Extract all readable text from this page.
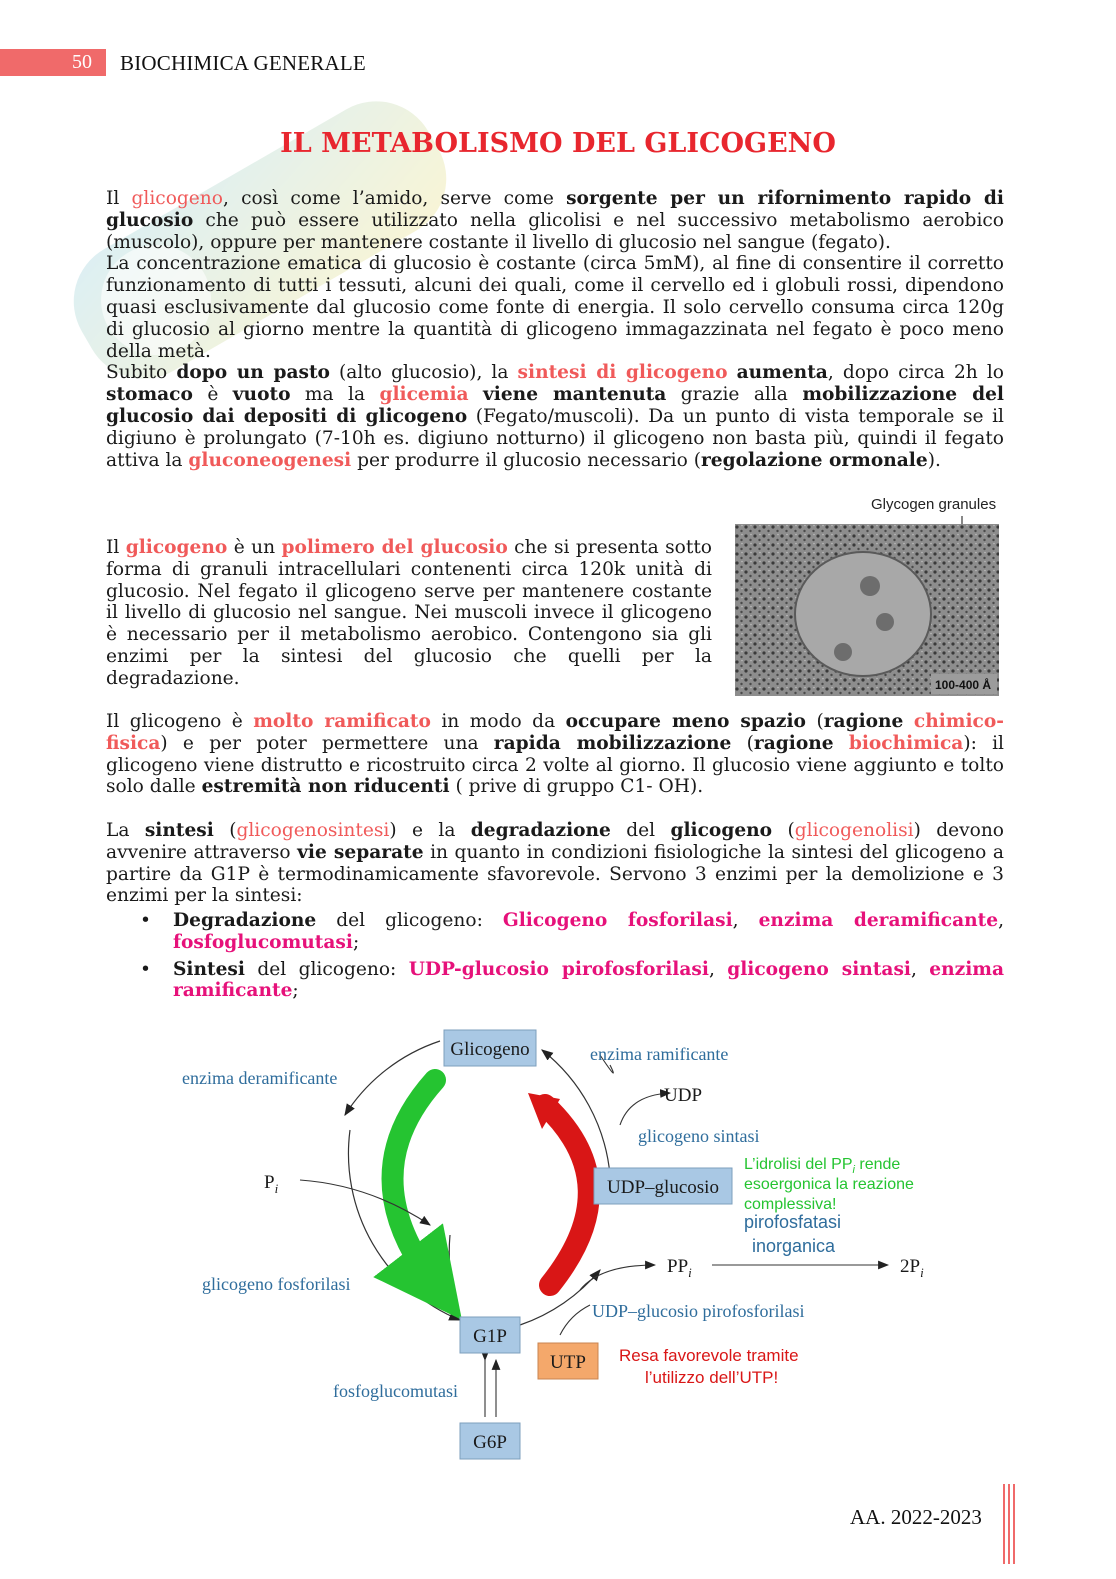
50	BIOCHIMICA GENERALE
IL METABOLISMO DEL GLICOGENO
Il glicogeno, così come l’amido, serve come sorgente per un rifornimento rapido di glucosio che può essere utilizzato nella glicolisi e nel successivo metabolismo aerobico (muscolo), oppure per mantenere costante il livello di glucosio nel sangue (fegato).
La concentrazione ematica di glucosio è costante (circa 5mM), al fine di consentire il corretto funzionamento di tutti i tessuti, alcuni dei quali, come il cervello ed i globuli rossi, dipendono quasi esclusivamente dal glucosio come fonte di energia. Il solo cervello consuma circa 120g di glucosio al giorno mentre la quantità di glicogeno immagazzinata nel fegato è poco meno della metà.
Subito dopo un pasto (alto glucosio), la sintesi di glicogeno aumenta, dopo circa 2h lo stomaco è vuoto ma la glicemia viene mantenuta grazie alla mobilizzazione del glucosio dai depositi di glicogeno (Fegato/muscoli). Da un punto di vista temporale se il digiuno è prolungato (7-10h es. digiuno notturno) il glicogeno non basta più, quindi il fegato attiva la gluconeogenesi per produrre il glucosio necessario (regolazione ormonale).
Glycogen granules
100-400 Å
Il glicogeno è un polimero del glucosio che si presenta sotto forma di granuli intracellulari contenenti circa 120k unità di glucosio. Nel fegato il glicogeno serve per mantenere costante il livello di glucosio nel sangue. Nei muscoli invece il glicogeno è necessario per il metabolismo aerobico. Contengono sia gli enzimi per la sintesi del glucosio che quelli per la degradazione.
Il glicogeno è molto ramificato in modo da occupare meno spazio (ragione chimico-fisica) e per poter permettere una rapida mobilizzazione (ragione biochimica): il glicogeno viene distrutto e ricostruito circa 2 volte al giorno. Il glucosio viene aggiunto e tolto solo dalle estremità non riducenti ( prive di gruppo C1- OH).
La sintesi (glicogenosintesi) e la degradazione del glicogeno (glicogenolisi) devono avvenire attraverso vie separate in quanto in condizioni fisiologiche la sintesi del glicogeno a partire da G1P è termodinamicamente sfavorevole. Servono 3 enzimi per la demolizione e 3 enzimi per la sintesi:
• Degradazione del glicogeno: Glicogeno fosforilasi, enzima deramificante, fosfoglucomutasi;
• Sintesi del glicogeno: UDP-glucosio pirofosforilasi, glicogeno sintasi, enzima ramificante;
Glicogeno
UDP–glucosio
G1P
G6P
UTP
enzima ramificante
enzima deramificante
UDP
glicogeno sintasi
$P_i$
$PP_i$	$2P_i$
glicogeno fosforilasi
UDP–glucosio pirofosforilasi
fosfoglucomutasi
pirofosfatasi
inorganica
L’idrolisi del $PP_i$ rende
esoergonica la reazione
complessiva!
Resa favorevole tramite
l’utilizzo dell’UTP!
AA. 2022-2023
